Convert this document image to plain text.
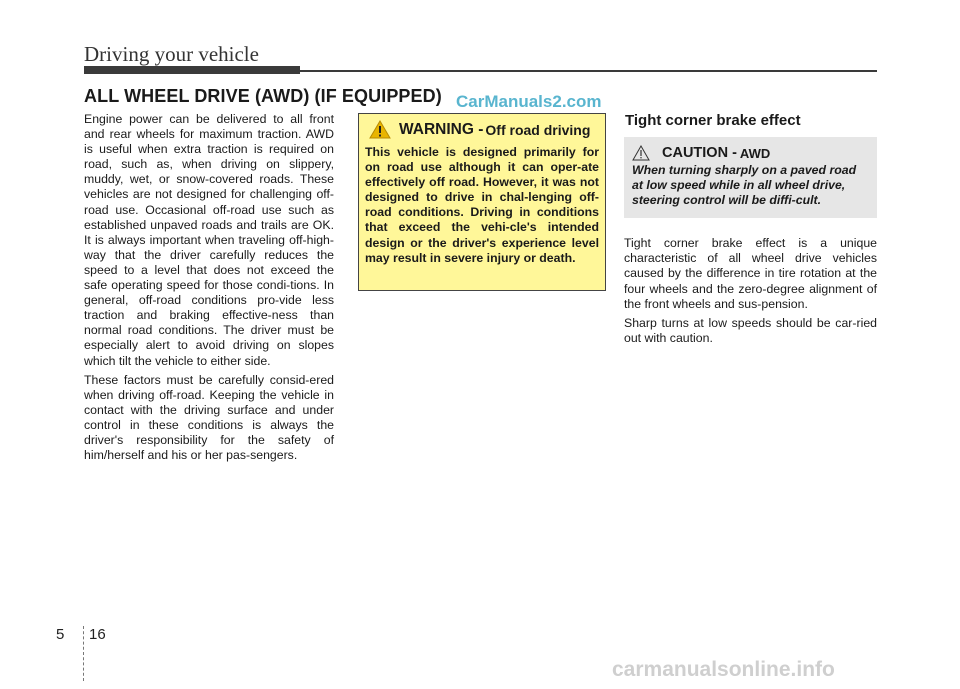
Driving your vehicle
ALL WHEEL DRIVE (AWD) (IF EQUIPPED) CarManuals2.com

Engine power can be delivered to all front and rear wheels for maximum traction. AWD is useful when extra traction is required on road, such as, when driving on slippery, muddy, wet, or snow-covered roads. These vehicles are not designed for challenging off-road use. Occasional off-road use such as established unpaved roads and trails are OK. It is always important when traveling off-high-way that the driver carefully reduces the speed to a level that does not exceed the safe operating speed for those condi-tions. In general, off-road conditions pro-vide less traction and braking effective-ness than normal road conditions. The driver must be especially alert to avoid driving on slopes which tilt the vehicle to either side.

These factors must be carefully consid-ered when driving off-road. Keeping the vehicle in contact with the driving surface and under control in these conditions is always the driver's responsibility for the safety of him/herself and his or her pas-sengers.

WARNING - Off road driving
This vehicle is designed primarily for on road use although it can oper-ate effectively off road. However, it was not designed to drive in chal-lenging off-road conditions. Driving in conditions that exceed the vehi-cle's intended design or the driver's experience level may result in severe injury or death.
Tight corner brake effect
CAUTION - AWD
When turning sharply on a paved road at low speed while in all wheel drive, steering control will be diffi-cult.

Tight corner brake effect is a unique characteristic of all wheel drive vehicles caused by the difference in tire rotation at the four wheels and the zero-degree alignment of the front wheels and sus-pension.

Sharp turns at low speeds should be car-ried out with caution.

5 16
carmanualsonline.info
